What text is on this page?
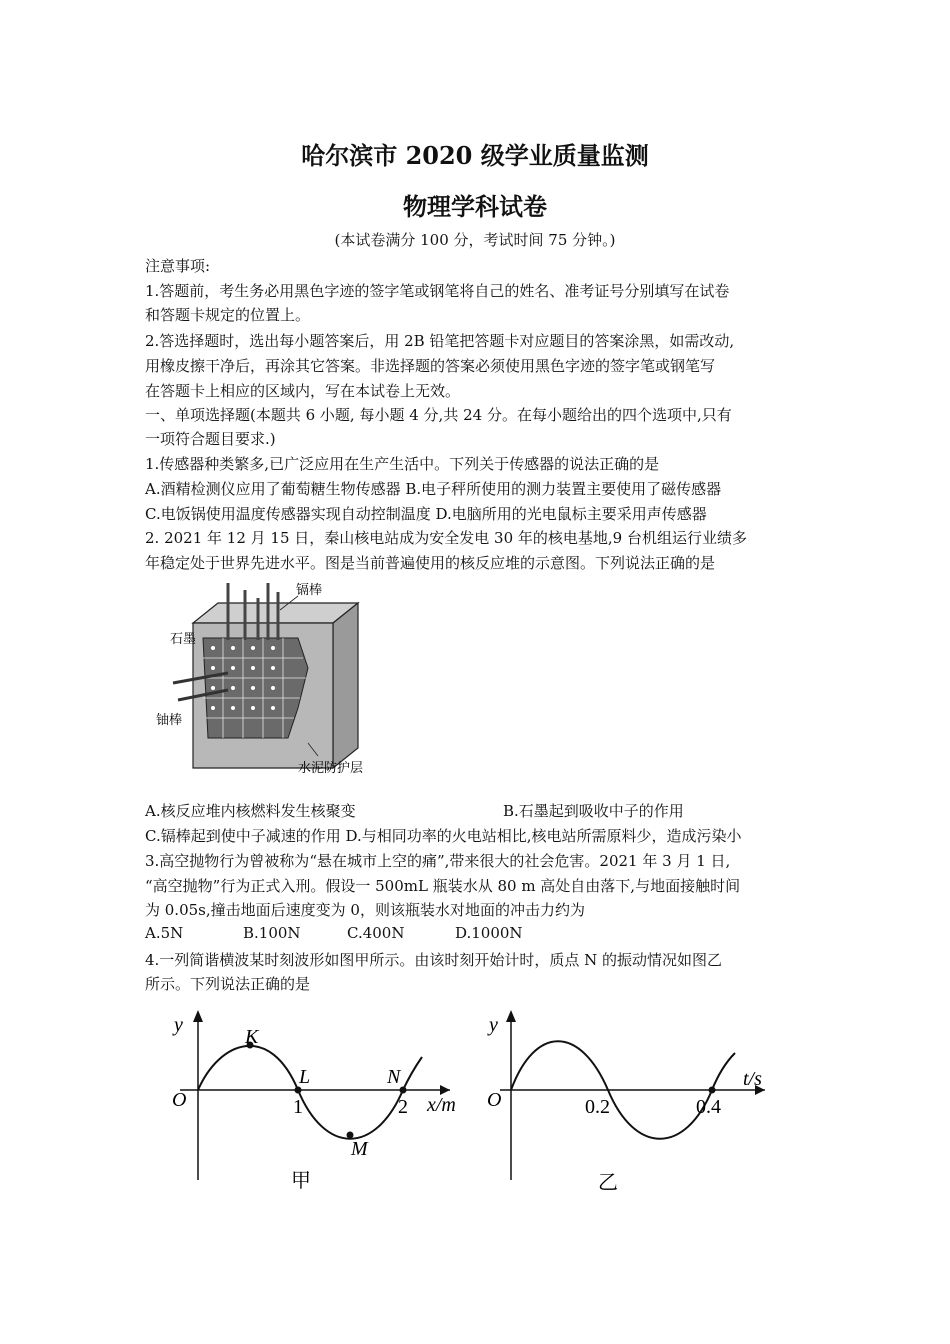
哈尔滨市 2020 级学业质量监测
物理学科试卷
(本试卷满分 100 分，考试时间 75 分钟。)
注意事项:
1.答题前，考生务必用黑色字迹的签字笔或钢笔将自己的姓名、准考证号分别填写在试卷
和答题卡规定的位置上。
2.答选择题时，选出每小题答案后，用 2B 铅笔把答题卡对应题目的答案涂黑，如需改动,
用橡皮擦干净后，再涂其它答案。非选择题的答案必须使用黑色字迹的签字笔或钢笔写
在答题卡上相应的区域内，写在本试卷上无效。
一、单项选择题(本题共 6 小题, 每小题 4 分,共 24 分。在每小题给出的四个选项中,只有
一项符合题目要求.)
1.传感器种类繁多,已广泛应用在生产生活中。下列关于传感器的说法正确的是
A.酒精检测仪应用了葡萄糖生物传感器 B.电子秤所使用的测力装置主要使用了磁传感器
C.电饭锅使用温度传感器实现自动控制温度 D.电脑所用的光电鼠标主要采用声传感器
2. 2021 年 12 月 15 日，秦山核电站成为安全发电 30 年的核电基地,9 台机组运行业绩多
年稳定处于世界先进水平。图是当前普遍使用的核反应堆的示意图。下列说法正确的是
镉棒
石墨
铀棒
水泥防护层
A.核反应堆内核燃料发生核聚变	B.石墨起到吸收中子的作用
C.镉棒起到使中子减速的作用 D.与相同功率的火电站相比,核电站所需原料少，造成污染小
3.高空抛物行为曾被称为“悬在城市上空的痛”,带来很大的社会危害。2021 年 3 月 1 日,
“高空抛物”行为正式入刑。假设一 500mL 瓶装水从 80 m 高处自由落下,与地面接触时间
为 0.05s,撞击地面后速度变为 0，则该瓶装水对地面的冲击力约为
A.5N	B.100N	C.400N	D.1000N
4.一列简谐横波某时刻波形如图甲所示。由该时刻开始计时，质点 N 的振动情况如图乙
所示。下列说法正确的是
y
O	x/m
1	2
K
L
M
N
甲
y
O
t/s
0.2	0.4
乙
